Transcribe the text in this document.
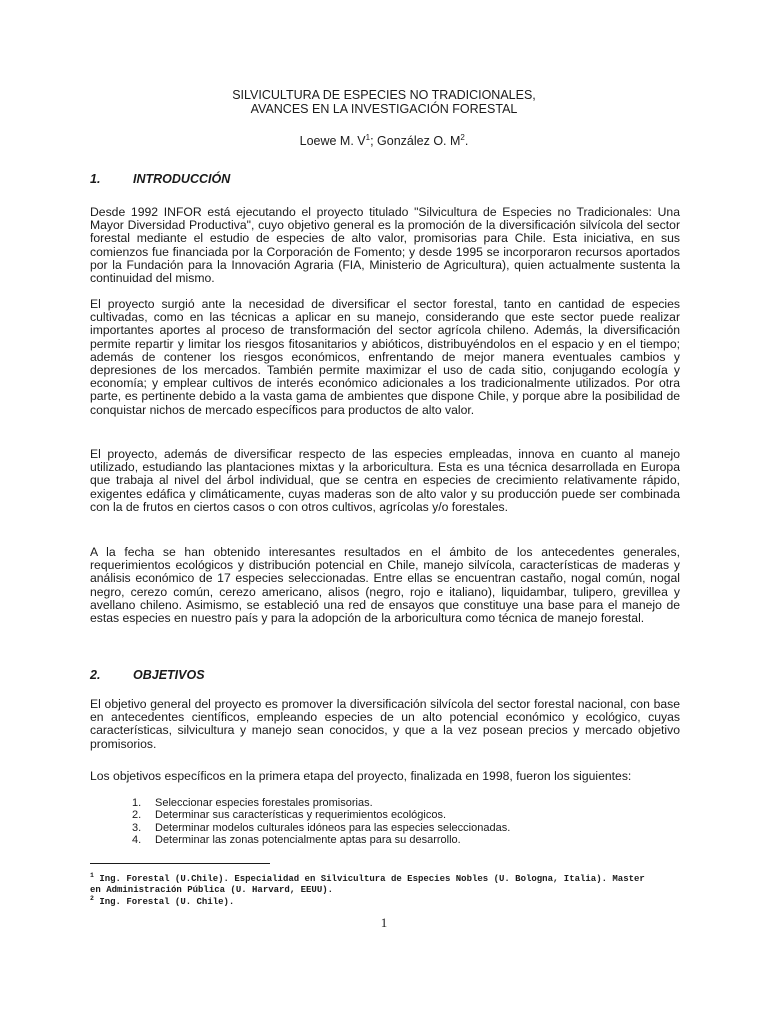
SILVICULTURA DE ESPECIES NO TRADICIONALES,
AVANCES EN LA INVESTIGACIÓN FORESTAL
Loewe M. $V^1$; González O. $M^2$.
1.	INTRODUCCIÓN

Desde 1992 INFOR está ejecutando el proyecto titulado "Silvicultura de Especies no Tradicionales: Una Mayor Diversidad Productiva", cuyo objetivo general es la promoción de la diversificación silvícola del sector forestal mediante el estudio de especies de alto valor, promisorias para Chile. Esta iniciativa, en sus comienzos fue financiada por la Corporación de Fomento; y desde 1995 se incorporaron recursos aportados por la Fundación para la Innovación Agraria (FIA, Ministerio de Agricultura), quien actualmente sustenta la continuidad del mismo.

El proyecto surgió ante la necesidad de diversificar el sector forestal, tanto en cantidad de especies cultivadas, como en las técnicas a aplicar en su manejo, considerando que este sector puede realizar importantes aportes al proceso de transformación del sector agrícola chileno. Además, la diversificación permite repartir y limitar los riesgos fitosanitarios y abióticos, distribuyéndolos en el espacio y en el tiempo; además de contener los riesgos económicos, enfrentando de mejor manera eventuales cambios y depresiones de los mercados. También permite maximizar el uso de cada sitio, conjugando ecología y economía; y emplear cultivos de interés económico adicionales a los tradicionalmente utilizados. Por otra parte, es pertinente debido a la vasta gama de ambientes que dispone Chile, y porque abre la posibilidad de conquistar nichos de mercado específicos para productos de alto valor.

El proyecto, además de diversificar respecto de las especies empleadas, innova en cuanto al manejo utilizado, estudiando las plantaciones mixtas y la arboricultura. Esta es una técnica desarrollada en Europa que trabaja al nivel del árbol individual, que se centra en especies de crecimiento relativamente rápido, exigentes edáfica y climáticamente, cuyas maderas son de alto valor y su producción puede ser combinada con la de frutos en ciertos casos o con otros cultivos, agrícolas y/o forestales.

A la fecha se han obtenido interesantes resultados en el ámbito de los antecedentes generales, requerimientos ecológicos y distribución potencial en Chile, manejo silvícola, características de maderas y análisis económico de 17 especies seleccionadas. Entre ellas se encuentran castaño, nogal común, nogal negro, cerezo común, cerezo americano, alisos (negro, rojo e italiano), liquidambar, tulipero, grevillea y avellano chileno. Asimismo, se estableció una red de ensayos que constituye una base para el manejo de estas especies en nuestro país y para la adopción de la arboricultura como técnica de manejo forestal.

2.	OBJETIVOS

El objetivo general del proyecto es promover la diversificación silvícola del sector forestal nacional, con base en antecedentes científicos, empleando especies de un alto potencial económico y ecológico, cuyas características, silvicultura y manejo sean conocidos, y que a la vez posean precios y mercado objetivo promisorios.

Los objetivos específicos en la primera etapa del proyecto, finalizada en 1998, fueron los siguientes:

1. Seleccionar especies forestales promisorias.
2. Determinar sus características y requerimientos ecológicos.
3. Determinar modelos culturales idóneos para las especies seleccionadas.
4. Determinar las zonas potencialmente aptas para su desarrollo.
$^1$ Ing. Forestal (U.Chile). Especialidad en Silvicultura de Especies Nobles (U. Bologna, Italia). Master en Administración Pública (U. Harvard, EEUU).
$^2$ Ing. Forestal (U. Chile).
1
